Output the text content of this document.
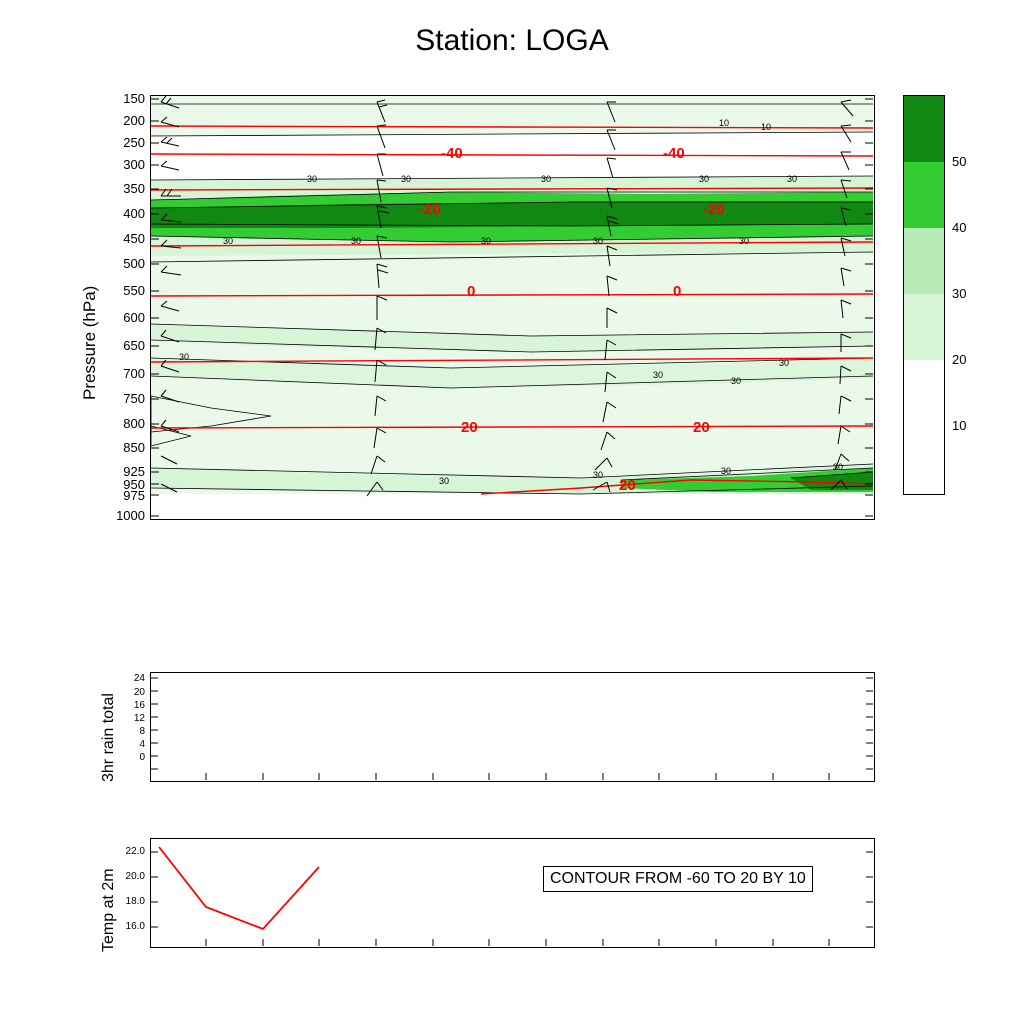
Station: LOGA
-40	-40
-20	-20
0	0
20	20
20
10	10
30	30	30	30	30
30	30	30	30	30
30
30
30
30
30
30	30	30
150
200
250
300
350
400
450
500
550
600
650
700
750
800
850
925
950
975
1000
Pressure (hPa)
50
40
30
20
10
24
20
16
12
8
4
0
3hr rain total
22.0
20.0
18.0
16.0
Temp at 2m	CONTOUR FROM -60 TO 20 BY 10
